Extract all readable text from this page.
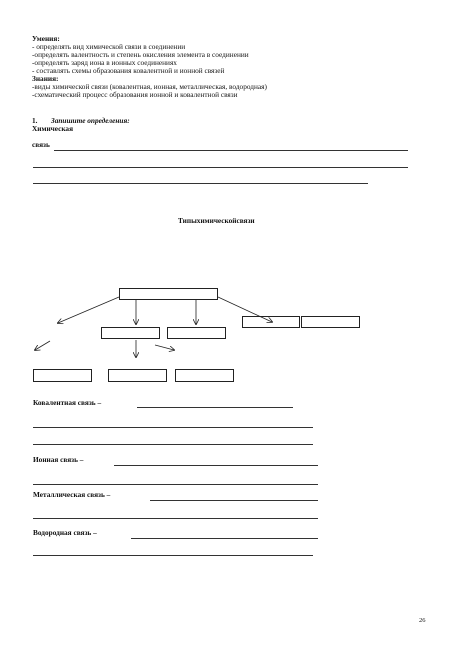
Умения:

- определять вид химической связи в соединении

-определять валентность и степень окисления элемента в соединении

-определять заряд иона в ионных соединениях

- составлять схемы образования ковалентной и ионной связей

Знания:

-виды химической связи (ковалентная, ионная, металлическая, водородная)

-схематический процесс образования ионной и ковалентной связи

1. Запишите определения:

Химическая

связь

Типыхимическойсвязи

Ковалентная связь –

Ионная связь –

Металлическая связь –

Водородная связь –

26
